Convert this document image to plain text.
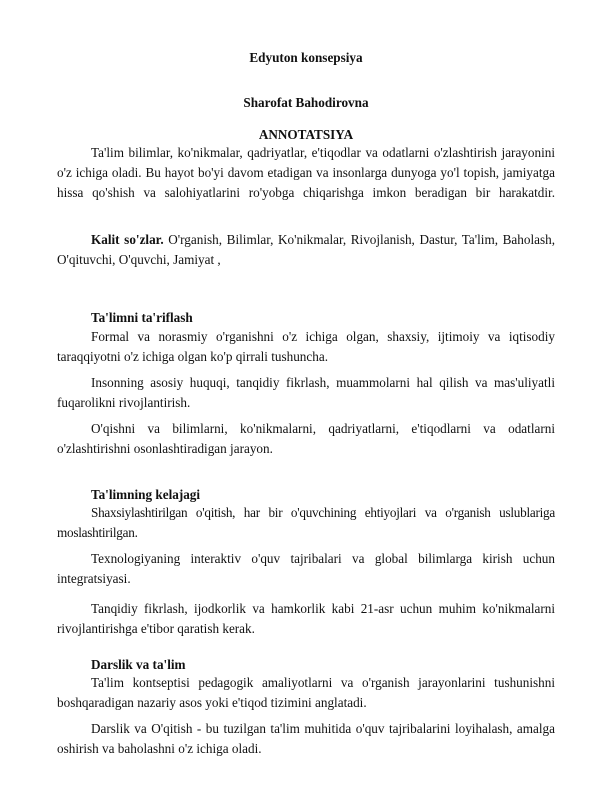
Edyuton konsepsiya
Sharofat Bahodirovna
ANNOTATSIYA
Ta'lim bilimlar, ko'nikmalar, qadriyatlar, e'tiqodlar va odatlarni o'zlashtirish jarayonini o'z ichiga oladi. Bu hayot bo'yi davom etadigan va insonlarga dunyoga yo'l topish, jamiyatga hissa qo'shish va salohiyatlarini ro'yobga chiqarishga imkon beradigan bir harakatdir.
Kalit so'zlar. O'rganish, Bilimlar, Ko'nikmalar, Rivojlanish, Dastur, Ta'lim, Baholash, O'qituvchi, O'quvchi, Jamiyat ,
Ta'limni ta'riflash
Formal va norasmiy o'rganishni o'z ichiga olgan, shaxsiy, ijtimoiy va iqtisodiy taraqqiyotni o'z ichiga olgan ko'p qirrali tushuncha.
Insonning asosiy huquqi, tanqidiy fikrlash, muammolarni hal qilish va mas'uliyatli fuqarolikni rivojlantirish.
O'qishni va bilimlarni, ko'nikmalarni, qadriyatlarni, e'tiqodlarni va odatlarni o'zlashtirishni osonlashtiradigan jarayon.
Ta'limning kelajagi
Shaxsiylashtirilgan o'qitish, har bir o'quvchining ehtiyojlari va o'rganish uslublariga moslashtirilgan.
Texnologiyaning interaktiv o'quv tajribalari va global bilimlarga kirish uchun integratsiyasi.
Tanqidiy fikrlash, ijodkorlik va hamkorlik kabi 21-asr uchun muhim ko'nikmalarni rivojlantirishga e'tibor qaratish kerak.
Darslik va ta'lim
Ta'lim kontseptisi pedagogik amaliyotlarni va o'rganish jarayonlarini tushunishni boshqaradigan nazariy asos yoki e'tiqod tizimini anglatadi.
Darslik va O'qitish - bu tuzilgan ta'lim muhitida o'quv tajribalarini loyihalash, amalga oshirish va baholashni o'z ichiga oladi.
